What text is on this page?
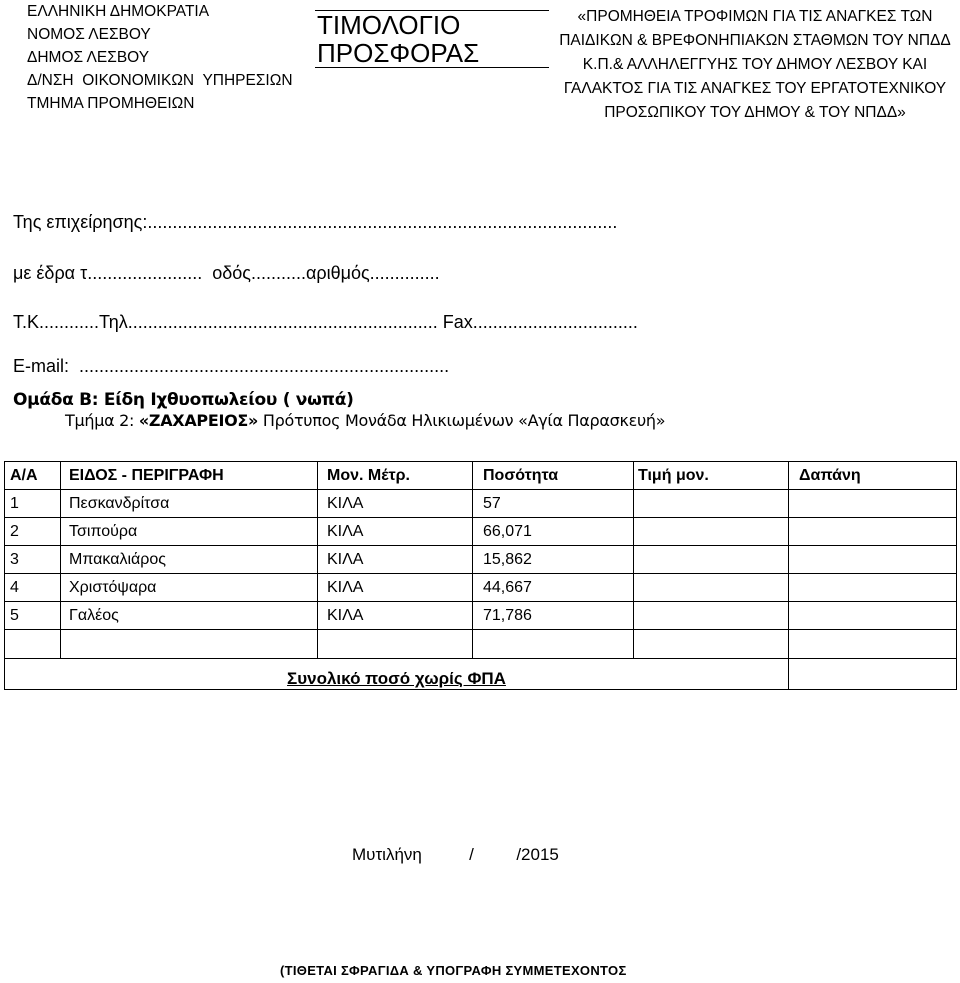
ΕΛΛΗΝΙΚΗ ΔΗΜΟΚΡΑΤΙΑ
ΝΟΜΟΣ ΛΕΣΒΟΥ
ΔΗΜΟΣ ΛΕΣΒΟΥ
Δ/ΝΣΗ  ΟΙΚΟΝΟΜΙΚΩΝ  ΥΠΗΡΕΣΙΩΝ
ΤΜΗΜΑ ΠΡΟΜΗΘΕΙΩΝ
ΤΙΜΟΛΟΓΙΟ
ΠΡΟΣΦΟΡΑΣ
«ΠΡΟΜΗΘΕΙΑ ΤΡΟΦΙΜΩΝ ΓΙΑ ΤΙΣ ΑΝΑΓΚΕΣ ΤΩΝ
ΠΑΙΔΙΚΩΝ & ΒΡΕΦΟΝΗΠΙΑΚΩΝ ΣΤΑΘΜΩΝ ΤΟΥ ΝΠΔΔ
Κ.Π.& ΑΛΛΗΛΕΓΓΥΗΣ ΤΟΥ ΔΗΜΟΥ ΛΕΣΒΟΥ ΚΑΙ
ΓΑΛΑΚΤΟΣ ΓΙΑ ΤΙΣ ΑΝΑΓΚΕΣ ΤΟΥ ΕΡΓΑΤΟΤΕΧΝΙΚΟΥ
ΠΡΟΣΩΠΙΚΟΥ ΤΟΥ ΔΗΜΟΥ & ΤΟΥ ΝΠΔΔ»
Της επιχείρησης:..............................................................................................
με έδρα τ.......................  οδός...........αριθμός..............
Τ.Κ............Τηλ.............................................................. Fax.................................
E-mail:  ..........................................................................
Ομάδα Β: Είδη Ιχθυοπωλείου ( νωπά)
Τμήμα 2: «ΖΑΧΑΡΕΙΟΣ» Πρότυπος Μονάδα Ηλικιωμένων «Αγία Παρασκευή»
Α/Α	ΕΙΔΟΣ - ΠΕΡΙΓΡΑΦΗ	Μον. Μέτρ.	Ποσότητα	Τιμή μον.	Δαπάνη
1	Πεσκανδρίτσα	ΚΙΛΑ	57		
2	Τσιπούρα	ΚΙΛΑ	66,071		
3	Μπακαλιάρος	ΚΙΛΑ	15,862		
4	Χριστόψαρα	ΚΙΛΑ	44,667		
5	Γαλέος	ΚΙΛΑ	71,786		

Συνολικό ποσό χωρίς ΦΠΑ					
Μυτιλήνη          /         /2015
(ΤΙΘΕΤΑΙ ΣΦΡΑΓΙΔΑ & ΥΠΟΓΡΑΦΗ ΣΥΜΜΕΤΕΧΟΝΤΟΣ
